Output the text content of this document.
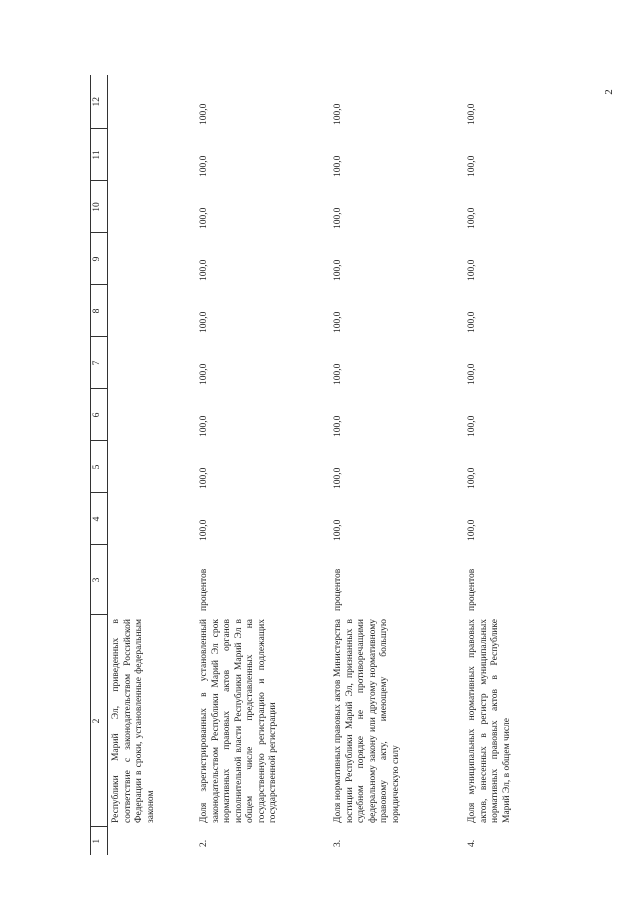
2
1	2	3	4	5	6	7	8	9	10	11	12
	Республики Марий Эл, приведенных в соответствие с законодательством Российской Федерации в сроки, установленные федеральным законом										
2.	Доля зарегистрированных в установленный законодательством Республики Марий Эл срок нормативных правовых актов органов исполнительной власти Республики Марий Эл в общем числе представленных на государственную регистрацию и подлежащих государственной регистрации	процентов	100,0	100,0	100,0	100,0	100,0	100,0	100,0	100,0	100,0
3.	Доля нормативных правовых актов Министерства юстиции Республики Марий Эл, признанных в судебном порядке не противоречащими федеральному закону или другому нормативному правовому акту, имеющему большую юридическую силу	процентов	100,0	100,0	100,0	100,0	100,0	100,0	100,0	100,0	100,0
4.	Доля муниципальных нормативных правовых актов, внесенных в регистр муниципальных нормативных правовых актов в Республике Марий Эл, в общем числе	процентов	100,0	100,0	100,0	100,0	100,0	100,0	100,0	100,0	100,0
